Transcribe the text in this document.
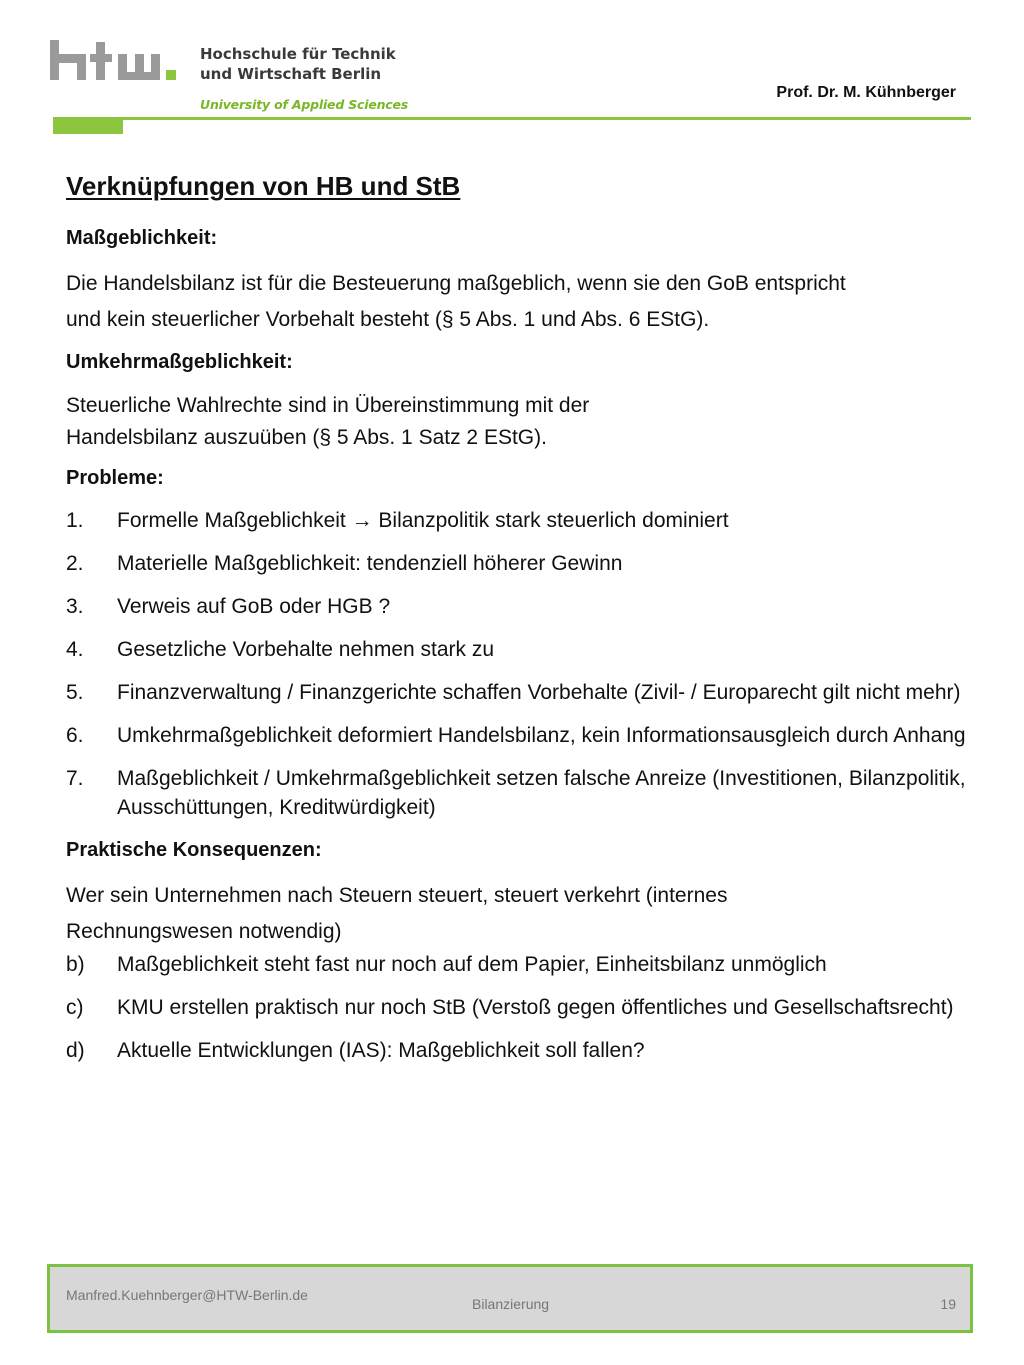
Hochschule für Technik
und Wirtschaft Berlin
University of Applied Sciences
Prof. Dr. M. Kühnberger
Verknüpfungen von HB und StB
Maßgeblichkeit:
Die Handelsbilanz ist für die Besteuerung maßgeblich, wenn sie den GoB entspricht und kein steuerlicher Vorbehalt besteht (§ 5 Abs. 1 und Abs. 6 EStG).
Umkehrmaßgeblichkeit:
Steuerliche Wahlrechte sind in Übereinstimmung mit der
Handelsbilanz auszuüben (§ 5 Abs. 1 Satz 2 EStG).
Probleme:
1. Formelle Maßgeblichkeit → Bilanzpolitik stark steuerlich dominiert
2. Materielle Maßgeblichkeit: tendenziell höherer Gewinn
3. Verweis auf GoB oder HGB ?
4. Gesetzliche Vorbehalte nehmen stark zu
5. Finanzverwaltung / Finanzgerichte schaffen Vorbehalte (Zivil- / Europarecht gilt nicht mehr)
6. Umkehrmaßgeblichkeit deformiert Handelsbilanz, kein Informationsausgleich durch Anhang
7. Maßgeblichkeit / Umkehrmaßgeblichkeit setzen falsche Anreize (Investitionen, Bilanzpolitik, Ausschüttungen, Kreditwürdigkeit)
Praktische Konsequenzen:
Wer sein Unternehmen nach Steuern steuert, steuert verkehrt (internes Rechnungswesen notwendig)
b) Maßgeblichkeit steht fast nur noch auf dem Papier, Einheitsbilanz unmöglich
c) KMU erstellen praktisch nur noch StB (Verstoß gegen öffentliches und Gesellschaftsrecht)
d) Aktuelle Entwicklungen (IAS): Maßgeblichkeit soll fallen?
Manfred.Kuehnberger@HTW-Berlin.de
Bilanzierung	19
